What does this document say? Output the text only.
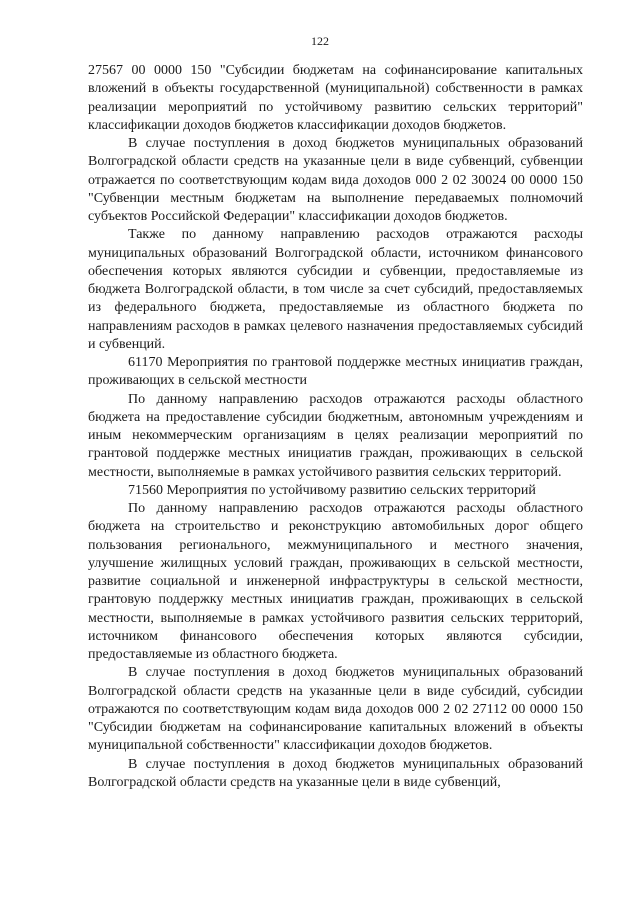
122

27567 00 0000 150 "Субсидии бюджетам на софинансирование капитальных вложений в объекты государственной (муниципальной) собственности в рамках реализации мероприятий по устойчивому развитию сельских территорий" классификации доходов бюджетов классификации доходов бюджетов.

В случае поступления в доход бюджетов муниципальных образований Волгоградской области средств на указанные цели в виде субвенций, субвенции отражается по соответствующим кодам вида доходов 000 2 02 30024 00 0000 150 "Субвенции местным бюджетам на выполнение передаваемых полномочий субъектов Российской Федерации" классификации доходов бюджетов.

Также по данному направлению расходов отражаются расходы муниципальных образований Волгоградской области, источником финансового обеспечения которых являются субсидии и субвенции, предоставляемые из бюджета Волгоградской области, в том числе за счет субсидий, предоставляемых из федерального бюджета, предоставляемые из областного бюджета по направлениям расходов в рамках целевого назначения предоставляемых субсидий и субвенций.

61170 Мероприятия по грантовой поддержке местных инициатив граждан, проживающих в сельской местности

По данному направлению расходов отражаются расходы областного бюджета на предоставление субсидии бюджетным, автономным учреждениям и иным некоммерческим организациям в целях реализации мероприятий по грантовой поддержке местных инициатив граждан, проживающих в сельской местности, выполняемые в рамках устойчивого развития сельских территорий.

71560 Мероприятия по устойчивому развитию сельских территорий

По данному направлению расходов отражаются расходы областного бюджета на строительство и реконструкцию автомобильных дорог общего пользования регионального, межмуниципального и местного значения, улучшение жилищных условий граждан, проживающих в сельской местности, развитие социальной и инженерной инфраструктуры в сельской местности, грантовую поддержку местных инициатив граждан, проживающих в сельской местности, выполняемые в рамках устойчивого развития сельских территорий, источником финансового обеспечения которых являются субсидии, предоставляемые из областного бюджета.

В случае поступления в доход бюджетов муниципальных образований Волгоградской области средств на указанные цели в виде субсидий, субсидии отражаются по соответствующим кодам вида доходов 000 2 02 27112 00 0000 150 "Субсидии бюджетам на софинансирование капитальных вложений в объекты муниципальной собственности" классификации доходов бюджетов.

В случае поступления в доход бюджетов муниципальных образований Волгоградской области средств на указанные цели в виде субвенций,
